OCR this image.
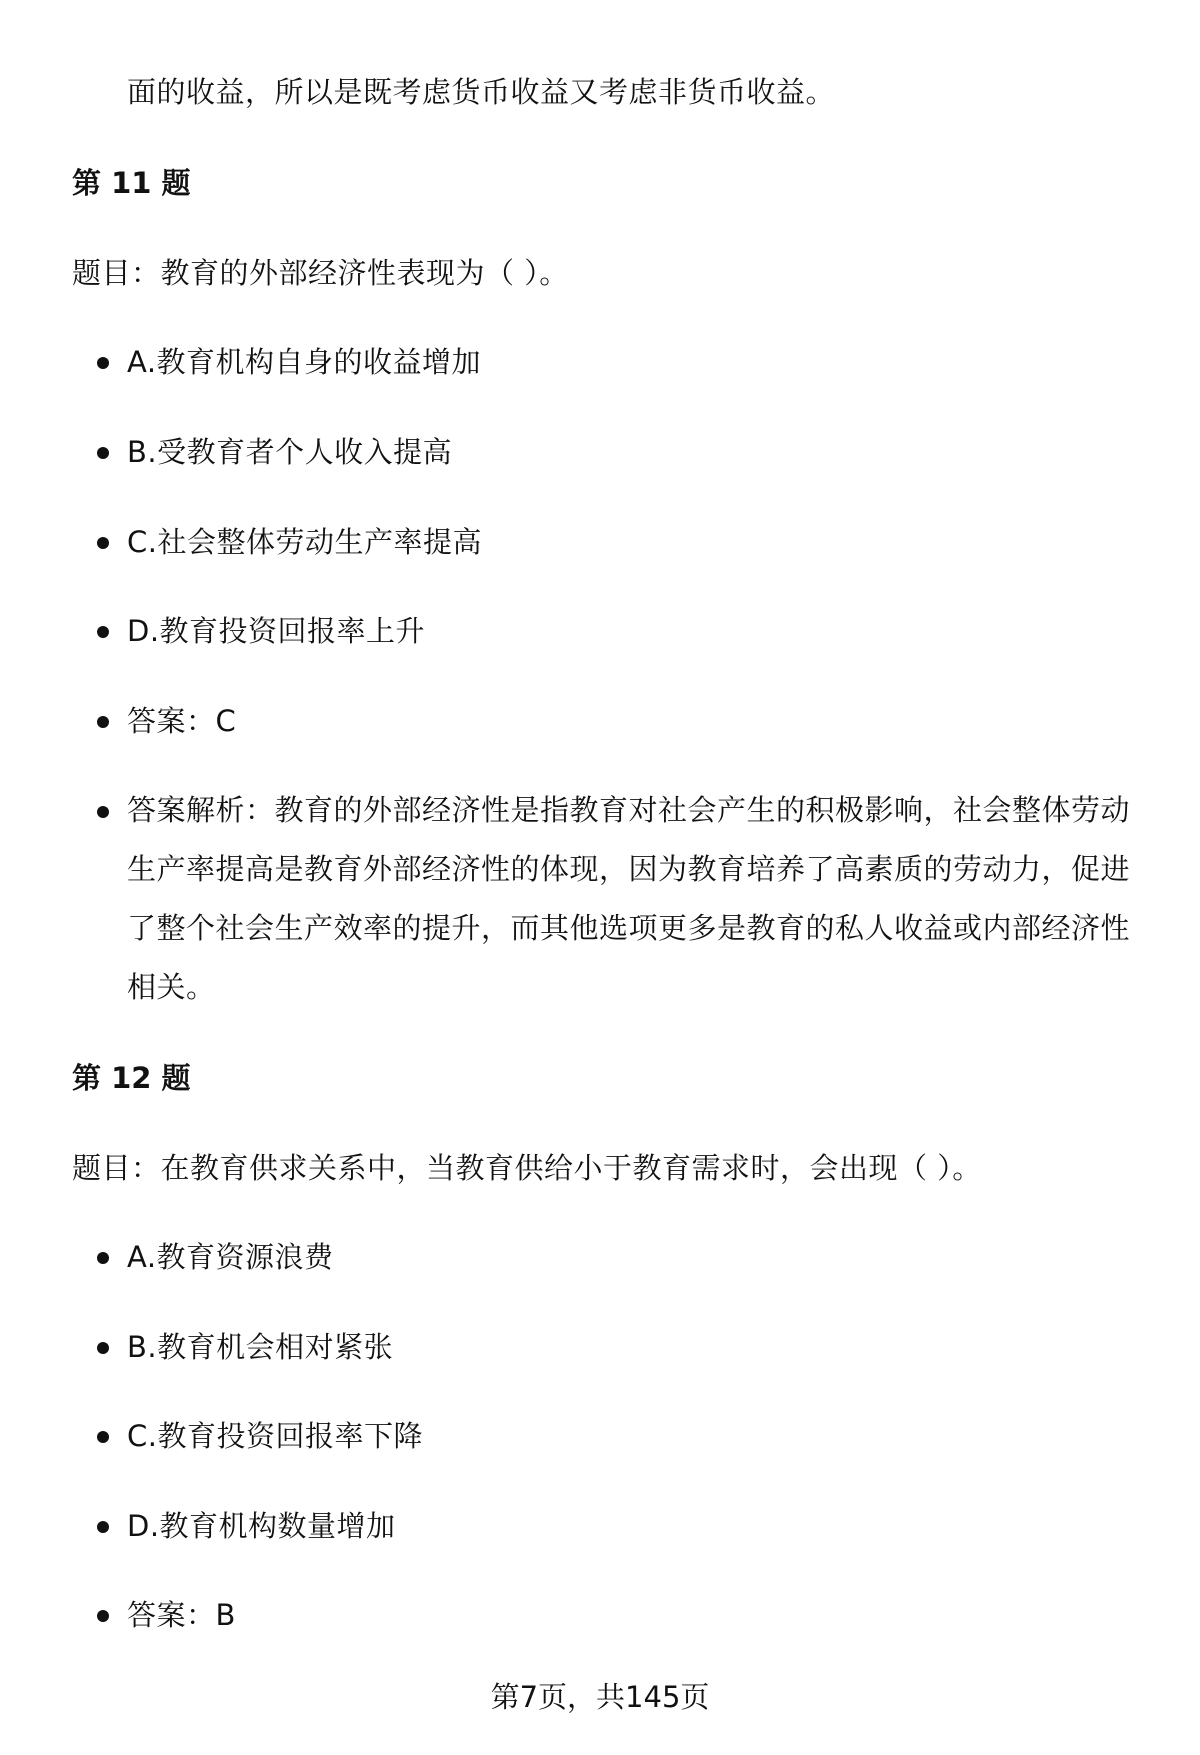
面的收益，所以是既考虑货币收益又考虑非货币收益。
第 11 题
题目：教育的外部经济性表现为（ ）。
A.教育机构自身的收益增加
B.受教育者个人收入提高
C.社会整体劳动生产率提高
D.教育投资回报率上升
答案：C
答案解析：教育的外部经济性是指教育对社会产生的积极影响，社会整体劳动生产率提高是教育外部经济性的体现，因为教育培养了高素质的劳动力，促进了整个社会生产效率的提升，而其他选项更多是教育的私人收益或内部经济性相关。
第 12 题
题目：在教育供求关系中，当教育供给小于教育需求时，会出现（ ）。
A.教育资源浪费
B.教育机会相对紧张
C.教育投资回报率下降
D.教育机构数量增加
答案：B
第7页，共145页
